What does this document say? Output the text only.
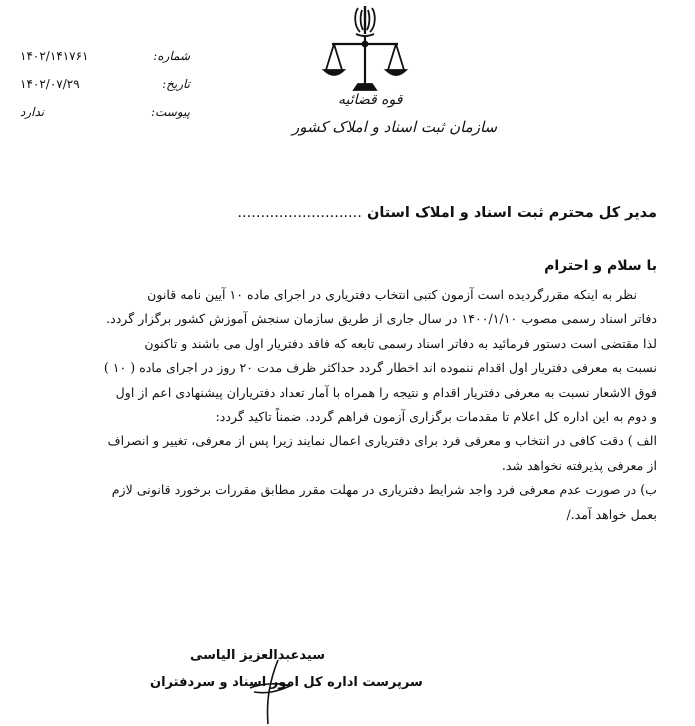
قوه قضائیه
سازمان ثبت اسناد و املاک کشور
شماره:
۱۴۰۲/۱۴۱۷۶۱
تاریخ:
۱۴۰۲/۰۷/۲۹
پیوست:
ندارد
مدیر کل محترم ثبت اسناد و املاک استان ...........................
با سلام و احترام

نظر به اینکه مقررگردیده است آزمون کتبی انتخاب دفتریاری در اجرای ماده ۱۰ آیین نامه قانون

دفاتر اسناد رسمی مصوب ۱۴۰۰/۱/۱۰ در سال جاری از طریق سازمان سنجش آموزش کشور برگزار گردد.

لذا مقتضی است دستور فرمائید به دفاتر اسناد رسمی تابعه که فاقد دفتریار اول می باشند و تاکنون

نسبت به معرفی دفتریار اول اقدام ننموده اند اخطار گردد حداکثر ظرف مدت ۲۰ روز در اجرای ماده ( ۱۰ )

فوق الاشعار نسبت به معرفی دفتریار اقدام و نتیجه را همراه با آمار تعداد دفتریاران پیشنهادی اعم از اول

و دوم به این اداره کل اعلام تا مقدمات برگزاری آزمون فراهم گردد. ضمناً تاکید گردد:

الف ) دقت کافی در انتخاب و معرفی فرد برای دفتریاری اعمال نمایند زیرا پس از معرفی، تغییر و انصراف

از معرفی پذیرفته نخواهد شد.

ب) در صورت عدم معرفی فرد واجد شرایط دفتریاری در مهلت مقرر مطابق مقررات برخورد قانونی لازم

بعمل خواهد آمد./

سیدعبدالعزیز الیاسی
سرپرست اداره کل امور اسناد و سردفتران
